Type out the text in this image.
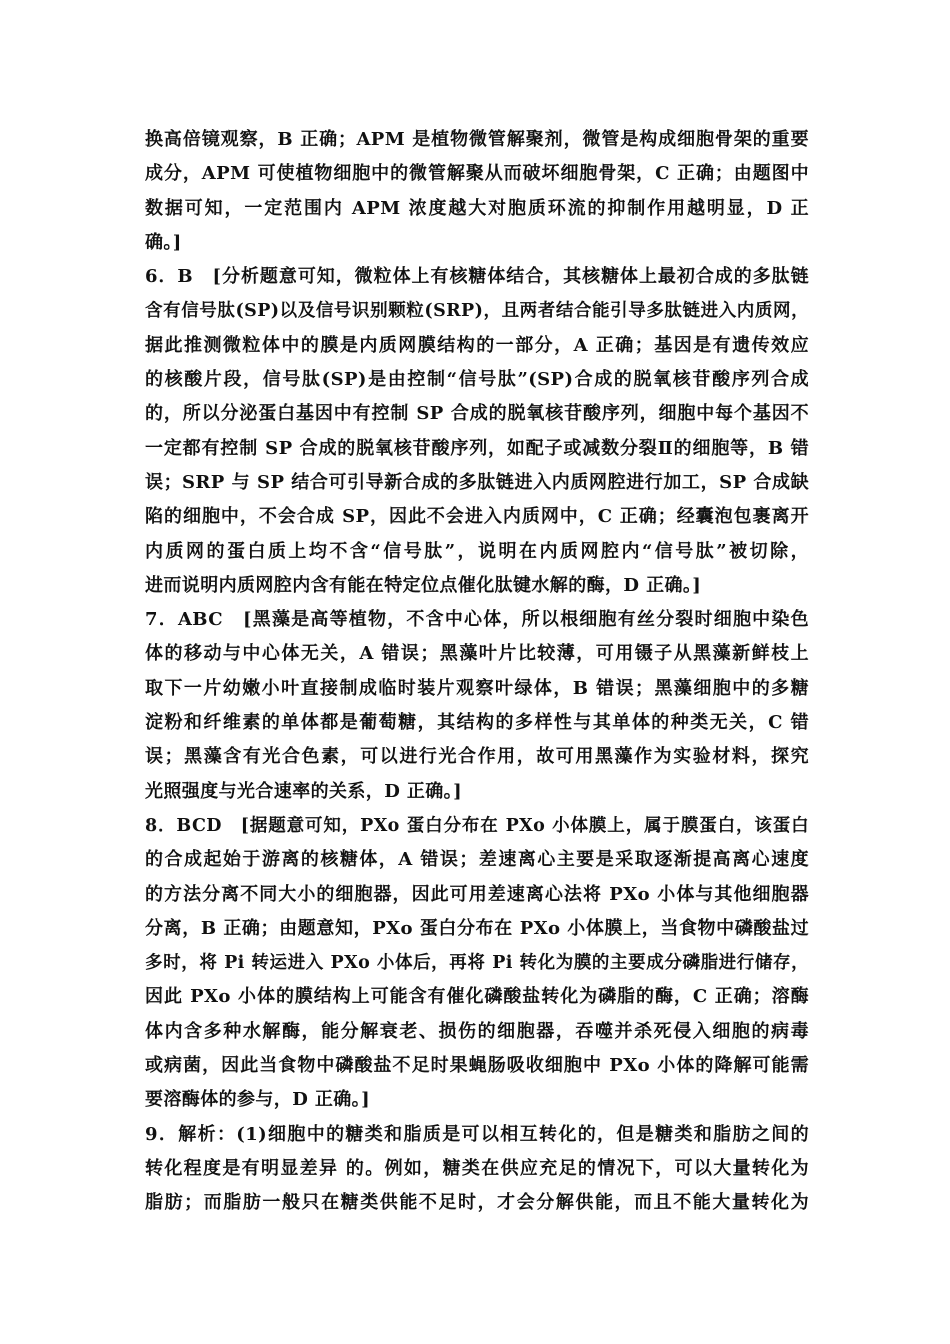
换高倍镜观察，B 正确；APM 是植物微管解聚剂，微管是构成细胞骨架的重要
成分，APM 可使植物细胞中的微管解聚从而破坏细胞骨架，C 正确；由题图中
数据可知，一定范围内 APM 浓度越大对胞质环流的抑制作用越明显，D 正
确。]
6．B　[分析题意可知，微粒体上有核糖体结合，其核糖体上最初合成的多肽链
含有信号肽(SP)以及信号识别颗粒(SRP)，且两者结合能引导多肽链进入内质网，
据此推测微粒体中的膜是内质网膜结构的一部分，A 正确；基因是有遗传效应
的核酸片段，信号肽(SP)是由控制“信号肽”(SP)合成的脱氧核苷酸序列合成
的，所以分泌蛋白基因中有控制 SP 合成的脱氧核苷酸序列，细胞中每个基因不
一定都有控制 SP 合成的脱氧核苷酸序列，如配子或减数分裂Ⅱ的细胞等，B 错
误；SRP 与 SP 结合可引导新合成的多肽链进入内质网腔进行加工，SP 合成缺
陷的细胞中，不会合成 SP，因此不会进入内质网中，C 正确；经囊泡包裹离开
内质网的蛋白质上均不含“信号肽”，说明在内质网腔内“信号肽”被切除，
进而说明内质网腔内含有能在特定位点催化肽键水解的酶，D 正确。]
7．ABC　[黑藻是高等植物，不含中心体，所以根细胞有丝分裂时细胞中染色
体的移动与中心体无关，A 错误；黑藻叶片比较薄，可用镊子从黑藻新鲜枝上
取下一片幼嫩小叶直接制成临时装片观察叶绿体，B 错误；黑藻细胞中的多糖
淀粉和纤维素的单体都是葡萄糖，其结构的多样性与其单体的种类无关，C 错
误；黑藻含有光合色素，可以进行光合作用，故可用黑藻作为实验材料，探究
光照强度与光合速率的关系，D 正确。]
8．BCD　[据题意可知，PXo 蛋白分布在 PXo 小体膜上，属于膜蛋白，该蛋白
的合成起始于游离的核糖体，A 错误；差速离心主要是采取逐渐提高离心速度
的方法分离不同大小的细胞器，因此可用差速离心法将 PXo 小体与其他细胞器
分离，B 正确；由题意知，PXo 蛋白分布在 PXo 小体膜上，当食物中磷酸盐过
多时，将 Pi 转运进入 PXo 小体后，再将 Pi 转化为膜的主要成分磷脂进行储存，
因此 PXo 小体的膜结构上可能含有催化磷酸盐转化为磷脂的酶，C 正确；溶酶
体内含多种水解酶，能分解衰老、损伤的细胞器，吞噬并杀死侵入细胞的病毒
或病菌，因此当食物中磷酸盐不足时果蝇肠吸收细胞中 PXo 小体的降解可能需
要溶酶体的参与，D 正确。]
9．解析：(1)细胞中的糖类和脂质是可以相互转化的，但是糖类和脂肪之间的
转化程度是有明显差异 的。例如，糖类在供应充足的情况下，可以大量转化为
脂肪；而脂肪一般只在糖类供能不足时，才会分解供能，而且不能大量转化为
